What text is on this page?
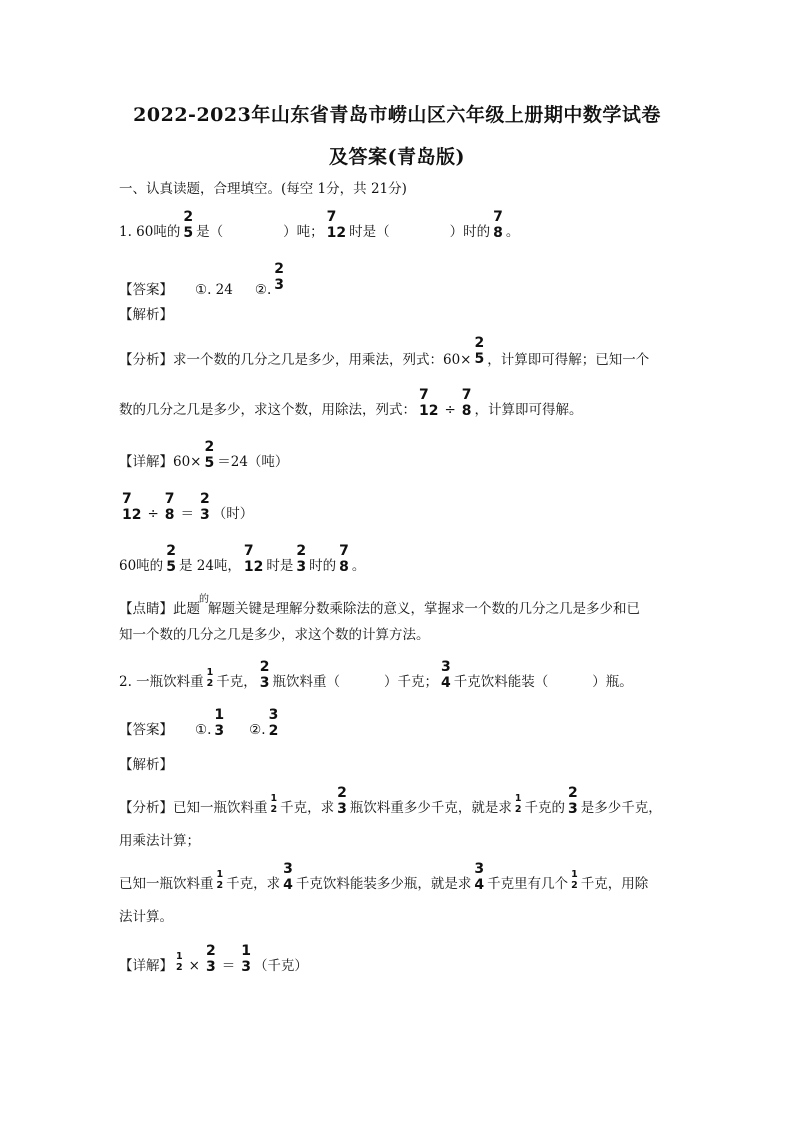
2022-2023年山东省青岛市崂山区六年级上册期中数学试卷
及答案(青岛版)
一、认真读题，合理填空。(每空 1分，共 21分)
1. 60吨的
2
5 是（	）吨；
7
12 时是（	）时的
7
8 。
【答案】 ①. 24 ②.
2
3
【解析】
【分析】求一个数的几分之几是多少，用乘法，列式：60×
2
5 ，计算即可得解；已知一个
数的几分之几是多少，求这个数，用除法，列式：
7
12 ÷
7
8 ，计算即可得解。
【详解】60×
2
5 ＝24（吨）
7
12 ÷
7
8 ＝
2
3 （时）
60吨的
2
5 是 24吨，
7
12 时是
2
3 时的
7
8 。
【点睛】此题
的
解题关键是理解分数乘除法的意义，掌握求一个数的几分之几是多少和已
知一个数的几分之几是多少，求这个数的计算方法。
2. 一瓶饮料重
1
2 千克，
2
3 瓶饮料重（	）千克；
3
4 千克饮料能装（	）瓶。
【答案】 ①.
1
3 ②.
3
2
【解析】
【分析】已知一瓶饮料重
1
2 千克，求
2
3 瓶饮料重多少千克，就是求
1
2 千克的
2
3 是多少千克，
用乘法计算；
已知一瓶饮料重
1
2 千克，求
3
4 千克饮料能装多少瓶，就是求
3
4 千克里有几个
1
2 千克，用除
法计算。
【详解】
1
2 ×
2
3 ＝
1
3 （千克）
